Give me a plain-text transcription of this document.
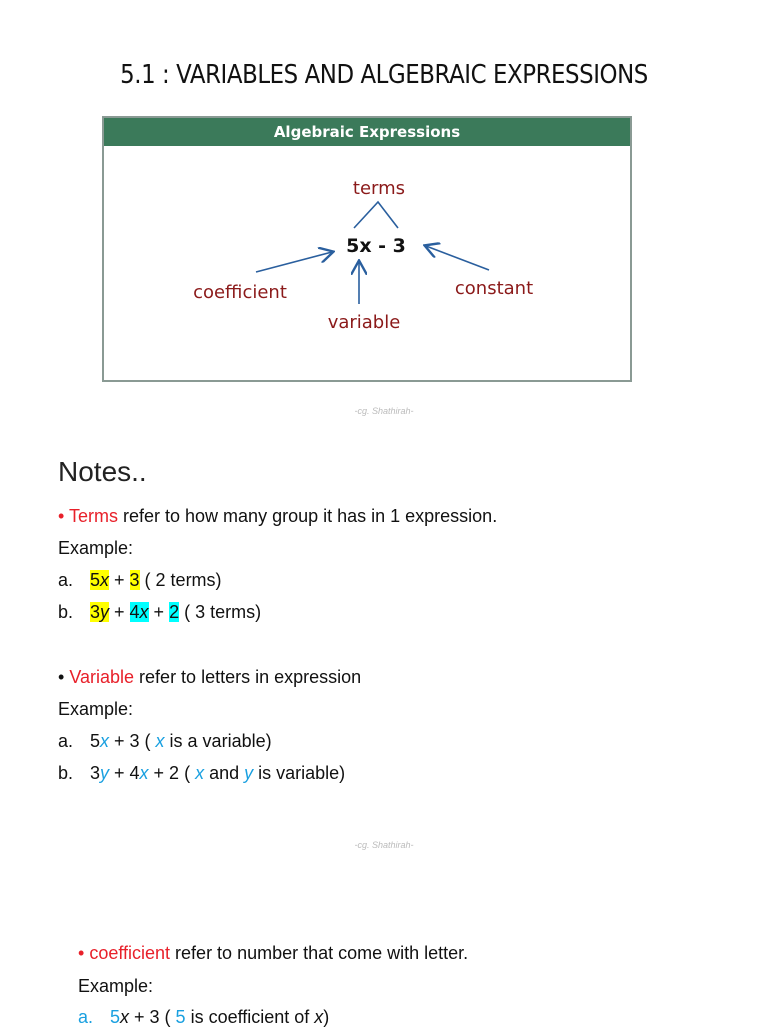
5.1 : VARIABLES AND ALGEBRAIC EXPRESSIONS
Algebraic Expressions
terms
5x - 3
coefficient	constant
variable
-cg. Shathirah-
Notes..
• Terms refer to how many group it has in 1 expression.
Example:
a. 5x + 3 ( 2 terms)
b. 3y + 4x + 2 ( 3 terms)
• Variable refer to letters in expression
Example:
a. 5x + 3 ( x is a variable)
b. 3y + 4x + 2 ( x and y is variable)
-cg. Shathirah-
• coefficient refer to number that come with letter.
Example:
a. 5x + 3 ( 5 is coefficient of x)
